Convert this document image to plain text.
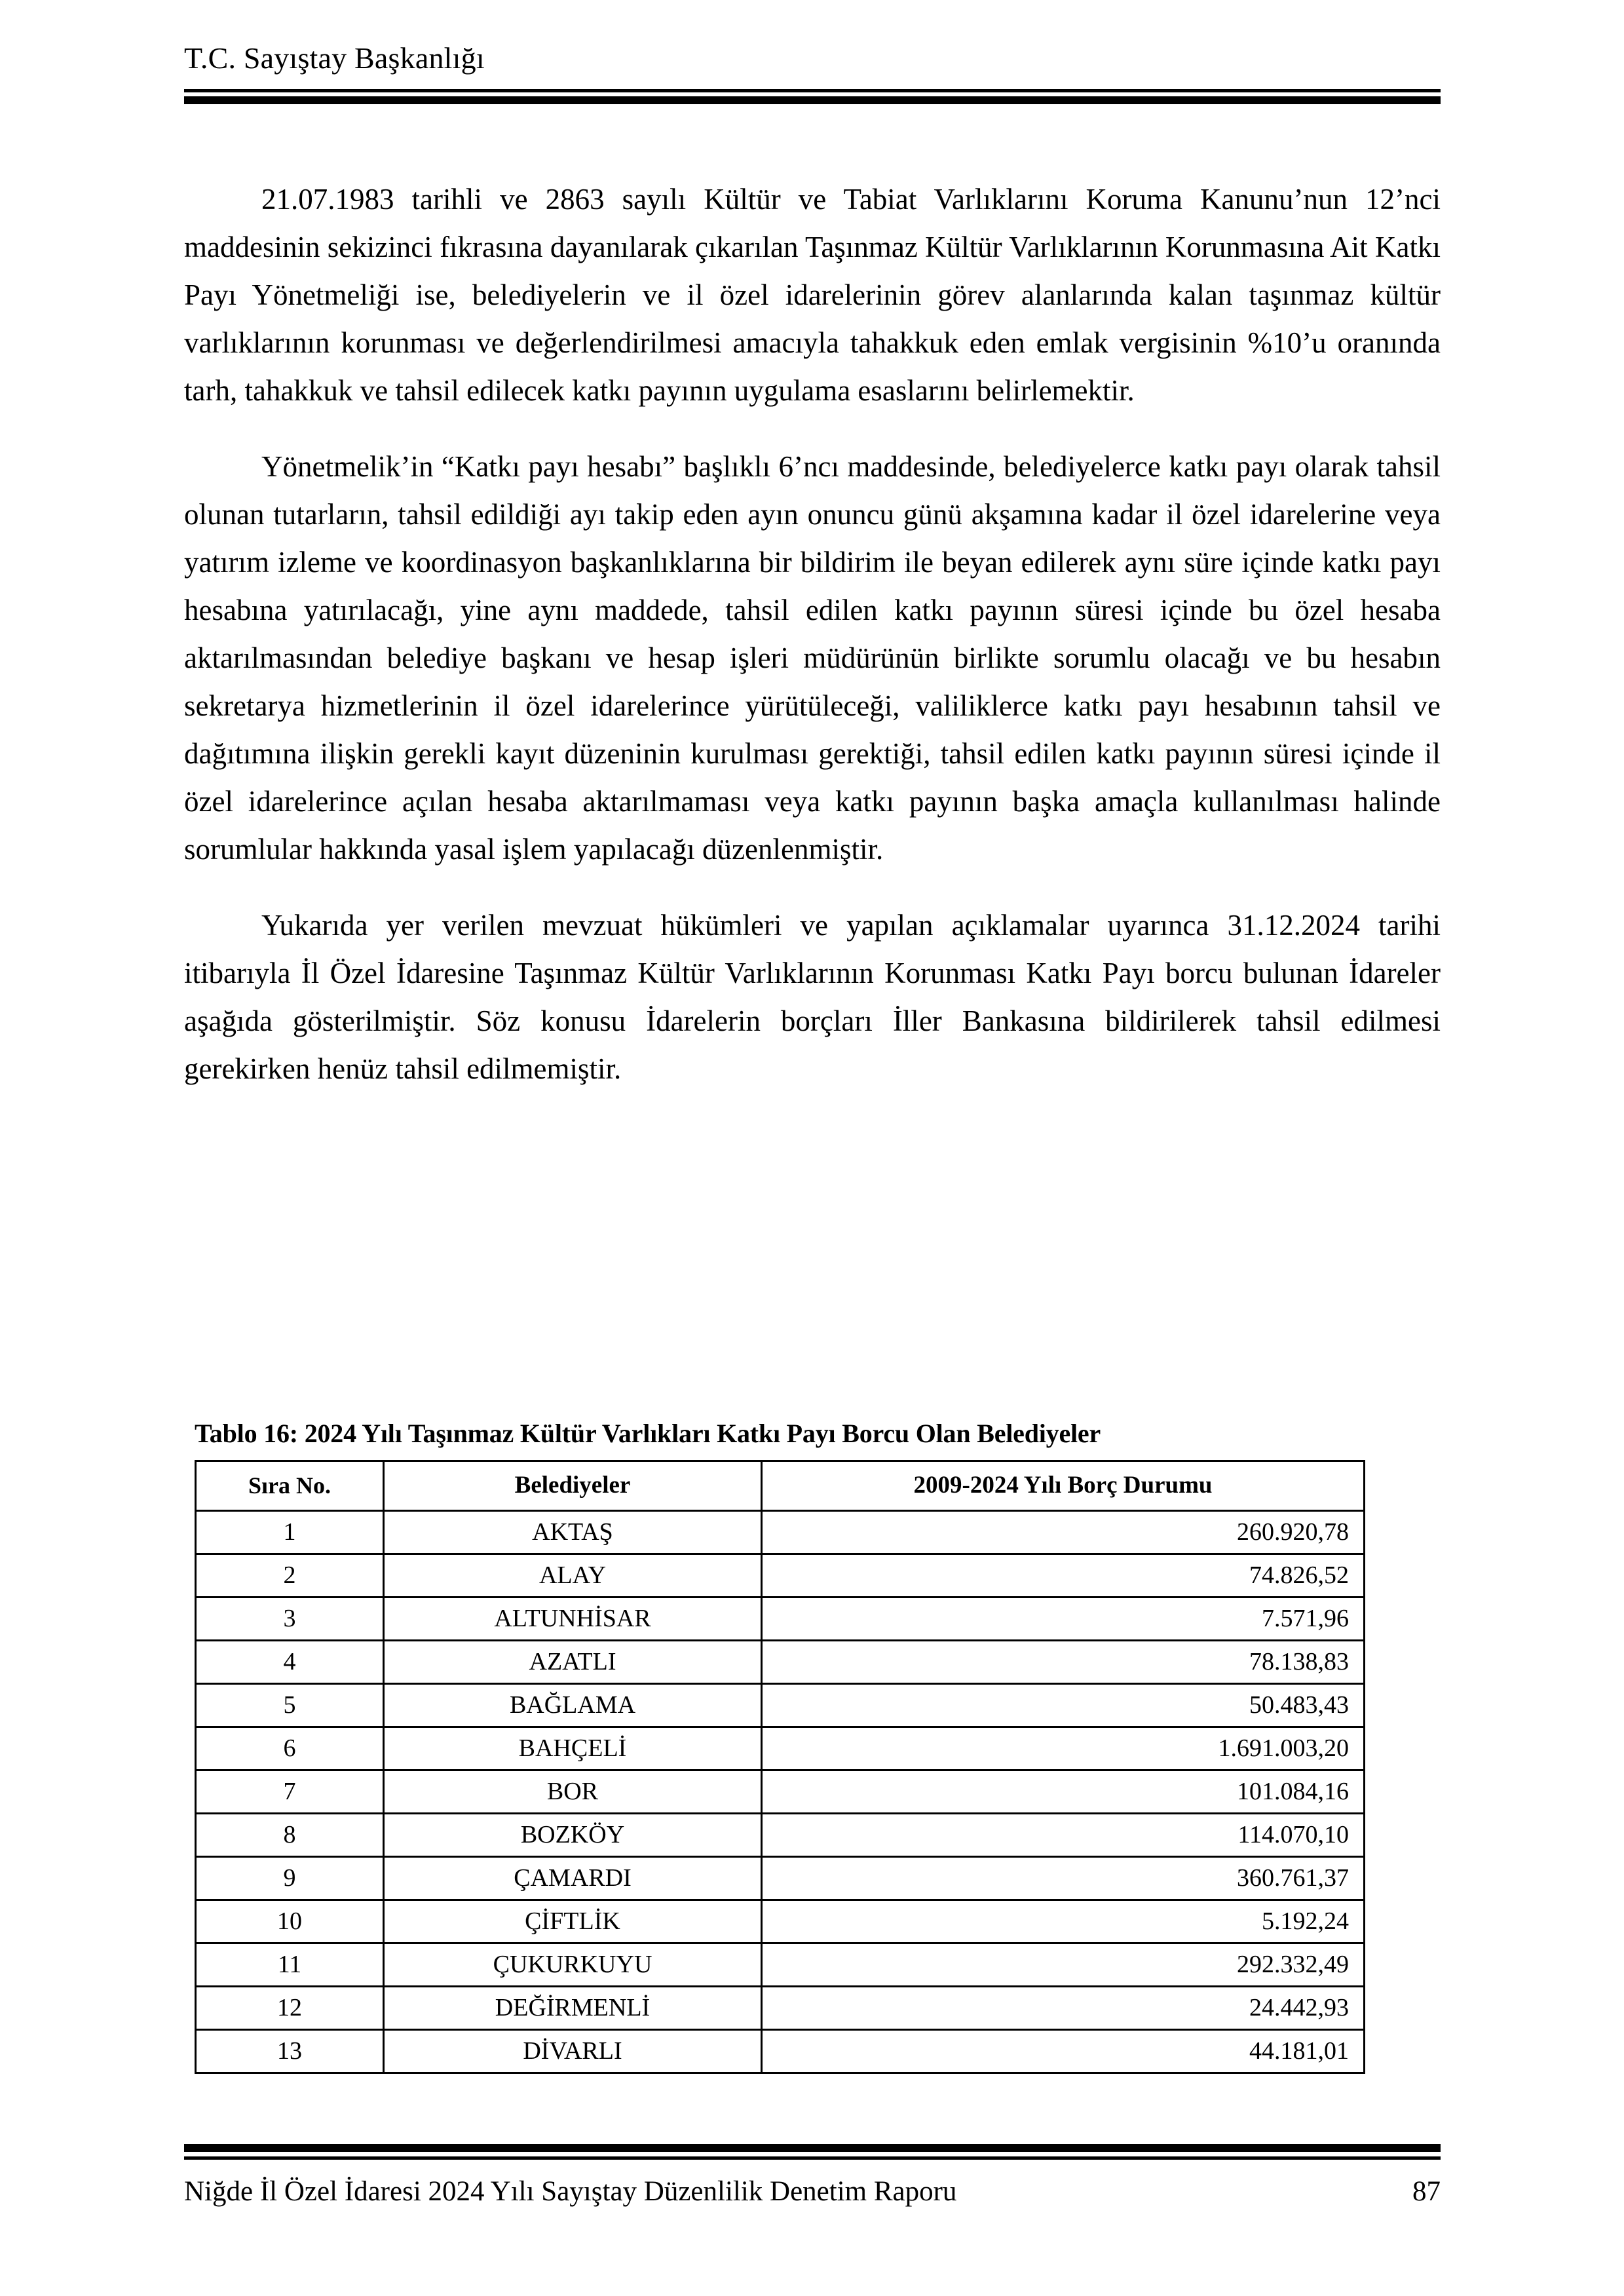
T.C. Sayıştay Başkanlığı

21.07.1983 tarihli ve 2863 sayılı Kültür ve Tabiat Varlıklarını Koruma Kanunu’nun 12’nci maddesinin sekizinci fıkrasına dayanılarak çıkarılan Taşınmaz Kültür Varlıklarının Korunmasına Ait Katkı Payı Yönetmeliği ise, belediyelerin ve il özel idarelerinin görev alanlarında kalan taşınmaz kültür varlıklarının korunması ve değerlendirilmesi amacıyla tahakkuk eden emlak vergisinin %10’u oranında tarh, tahakkuk ve tahsil edilecek katkı payının uygulama esaslarını belirlemektir.

Yönetmelik’in “Katkı payı hesabı” başlıklı 6’ncı maddesinde, belediyelerce katkı payı olarak tahsil olunan tutarların, tahsil edildiği ayı takip eden ayın onuncu günü akşamına kadar il özel idarelerine veya yatırım izleme ve koordinasyon başkanlıklarına bir bildirim ile beyan edilerek aynı süre içinde katkı payı hesabına yatırılacağı, yine aynı maddede, tahsil edilen katkı payının süresi içinde bu özel hesaba aktarılmasından belediye başkanı ve hesap işleri müdürünün birlikte sorumlu olacağı ve bu hesabın sekretarya hizmetlerinin il özel idarelerince yürütüleceği, valiliklerce katkı payı hesabının tahsil ve dağıtımına ilişkin gerekli kayıt düzeninin kurulması gerektiği, tahsil edilen katkı payının süresi içinde il özel idarelerince açılan hesaba aktarılmaması veya katkı payının başka amaçla kullanılması halinde sorumlular hakkında yasal işlem yapılacağı düzenlenmiştir.

Yukarıda yer verilen mevzuat hükümleri ve yapılan açıklamalar uyarınca 31.12.2024 tarihi itibarıyla İl Özel İdaresine Taşınmaz Kültür Varlıklarının Korunması Katkı Payı borcu bulunan İdareler aşağıda gösterilmiştir. Söz konusu İdarelerin borçları İller Bankasına bildirilerek tahsil edilmesi gerekirken henüz tahsil edilmemiştir.

Tablo 16: 2024 Yılı Taşınmaz Kültür Varlıkları Katkı Payı Borcu Olan Belediyeler
Sıra No.	Belediyeler	2009-2024 Yılı Borç Durumu
1	AKTAŞ	260.920,78
2	ALAY	74.826,52
3	ALTUNHİSAR	7.571,96
4	AZATLI	78.138,83
5	BAĞLAMA	50.483,43
6	BAHÇELİ	1.691.003,20
7	BOR	101.084,16
8	BOZKÖY	114.070,10
9	ÇAMARDI	360.761,37
10	ÇİFTLİK	5.192,24
11	ÇUKURKUYU	292.332,49
12	DEĞİRMENLİ	24.442,93
13	DİVARLI	44.181,01
Niğde İl Özel İdaresi 2024 Yılı Sayıştay Düzenlilik Denetim Raporu	87
